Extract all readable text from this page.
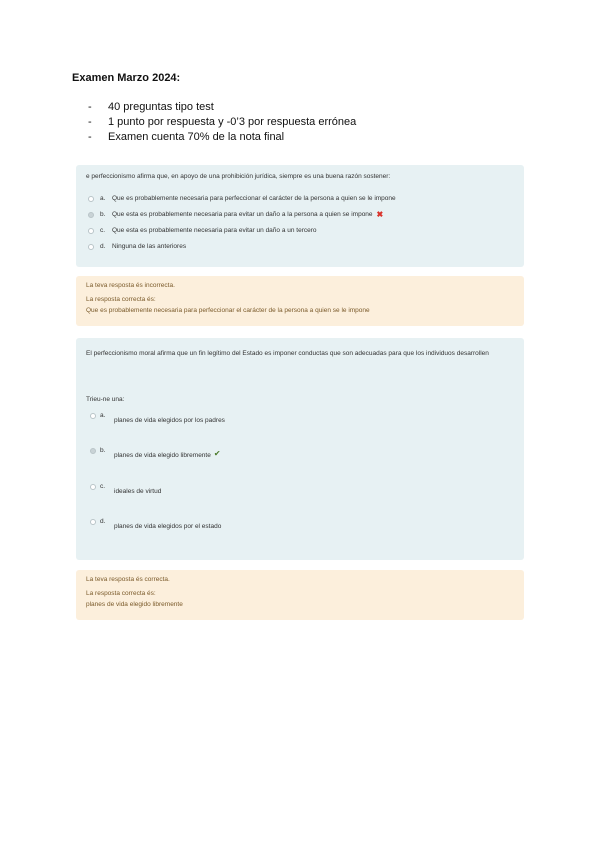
Examen Marzo 2024:
-	40 preguntas tipo test
-	1 punto por respuesta y -0’3 por respuesta errónea
-	Examen cuenta 70% de la nota final
e perfeccionismo afirma que, en apoyo de una prohibición jurídica, siempre es una buena razón sostener:
a.	Que es probablemente necesaria para perfeccionar el carácter de la persona a quien se le impone
b.	Que esta es probablemente necesaria para evitar un daño a la persona a quien se impone ✖
c.	Que esta es probablemente necesaria para evitar un daño a un tercero
d.	Ninguna de las anteriores
La teva resposta és incorrecta.
La resposta correcta és:
Que es probablemente necesaria para perfeccionar el carácter de la persona a quien se le impone
El perfeccionismo moral afirma que un fin legítimo del Estado es imponer conductas que son adecuadas para que los individuos desarrollen
Trieu-ne una:
a.
planes de vida elegidos por los padres
b.
planes de vida elegido libremente ✔
c.
ideales de virtud
d.
planes de vida elegidos por el estado
La teva resposta és correcta.
La resposta correcta és:
planes de vida elegido libremente
